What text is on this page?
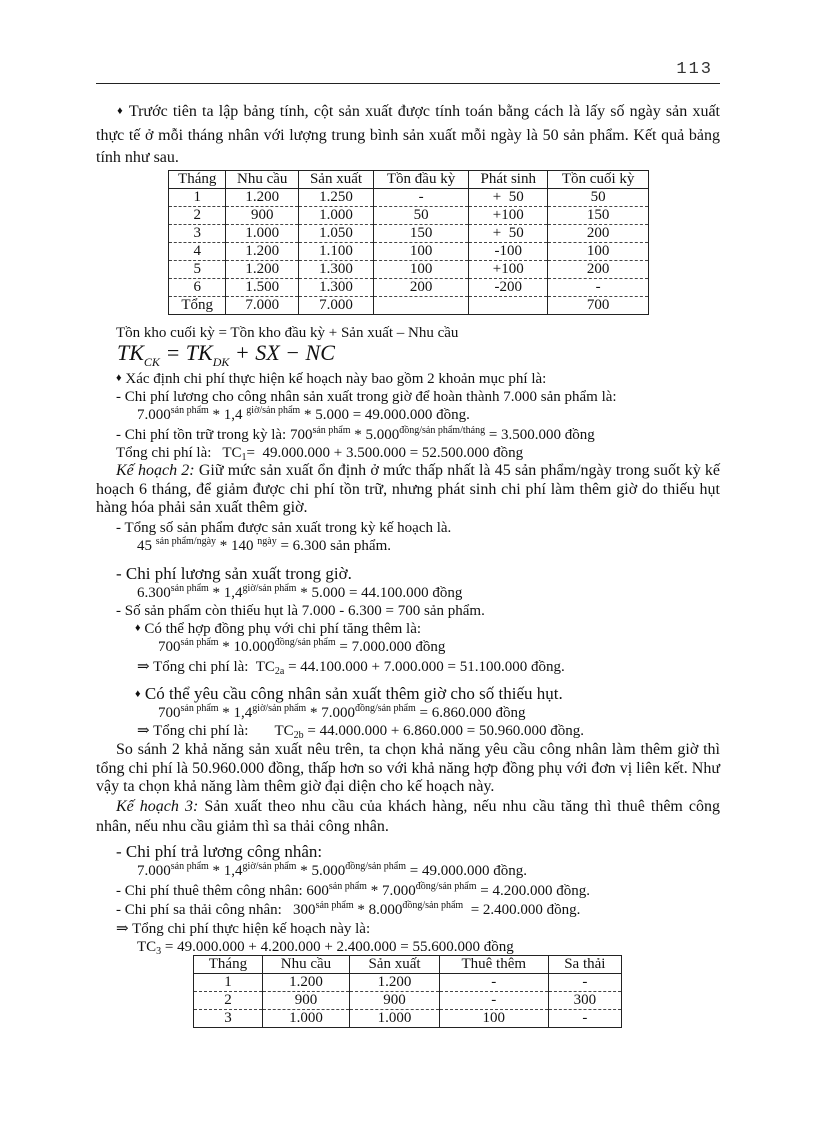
113
♦ Trước tiên ta lập bảng tính, cột sản xuất được tính toán bằng cách là lấy số ngày sản xuất thực tế ở mỗi tháng nhân với lượng trung bình sản xuất mỗi ngày là 50 sản phẩm. Kết quả bảng tính như sau.
Tháng	Nhu cầu	Sản xuất	Tồn đầu kỳ	Phát sinh	Tồn cuối kỳ
1	1.200	1.250	-	+  50	50
2	900	1.000	50	+100	150
3	1.000	1.050	150	+  50	200
4	1.200	1.100	100	-100	100
5	1.200	1.300	100	+100	200
6	1.500	1.300	200	-200	-
Tổng	7.000	7.000			700
Tồn kho cuối kỳ = Tồn kho đầu kỳ + Sản xuất – Nhu cầu
$TK_{CK} = TK_{DK}$ + SX − NC
♦ Xác định chi phí thực hiện kế hoạch này bao gồm 2 khoản mục phí là:
- Chi phí lương cho công nhân sản xuất trong giờ để hoàn thành 7.000 sản phẩm là:
$7.000^{sản phẩm} * 1,4$ $^{giờ/sản phẩm}$ * 5.000 = 49.000.000 đồng.
- Chi phí tồn trữ trong kỳ là: $700^{sản phẩm} * 5.000^{đồng/sản phẩm/tháng} = 3.500.000$ đồng
Tổng chi phí là:   $TC_1= 49.000.000 + 3.500.000 = 52.500.000$ đồng
Kế hoạch 2: Giữ mức sản xuất ổn định ở mức thấp nhất là 45 sản phẩm/ngày trong suốt kỳ kế hoạch 6 tháng, để giảm được chi phí tồn trữ, nhưng phát sinh chi phí làm thêm giờ do thiếu hụt hàng hóa phải sản xuất thêm giờ.
- Tổng số sản phẩm được sản xuất trong kỳ kế hoạch là.
45 $^{sản phẩm/ngày}$ * 140 $^{ngày}$ = 6.300 sản phẩm.
- Chi phí lương sản xuất trong giờ.
$6.300^{sản phẩm} * 1,4^{giờ/sản phẩm} * 5.000 = 44.100.000$ đồng
- Số sản phẩm còn thiếu hụt là 7.000 - 6.300 = 700 sản phẩm.
♦ Có thể hợp đồng phụ với chi phí tăng thêm là:
$700^{sản phẩm} * 10.000^{đồng/sản phẩm} = 7.000.000$ đồng
⇒ Tổng chi phí là:  $TC_{2a} = 44.100.000 + 7.000.000 = 51.100.000$ đồng.
♦ Có thể yêu cầu công nhân sản xuất thêm giờ cho số thiếu hụt.
$700^{sản phẩm} * 1,4^{giờ/sản phẩm} * 7.000^{đồng/sản phẩm} = 6.860.000$ đồng
⇒ Tổng chi phí là:       $TC_{2b} = 44.000.000 + 6.860.000 = 50.960.000$ đồng.
So sánh 2 khả năng sản xuất nêu trên, ta chọn khả năng yêu cầu công nhân làm thêm giờ thì tổng chi phí là 50.960.000 đồng, thấp hơn so với khả năng hợp đồng phụ với đơn vị liên kết. Như vậy ta chọn khả năng làm thêm giờ đại diện cho kế hoạch này.
Kế hoạch 3: Sản xuất theo nhu cầu của khách hàng, nếu nhu cầu tăng thì thuê thêm công nhân, nếu nhu cầu giảm thì sa thải công nhân.
- Chi phí trả lương công nhân:
$7.000^{sản phẩm} * 1,4^{giờ/sản phẩm} * 5.000^{đồng/sản phẩm} = 49.000.000$ đồng.
- Chi phí thuê thêm công nhân: $600^{sản phẩm} * 7.000^{đồng/sản phẩm} = 4.200.000$ đồng.
- Chi phí sa thải công nhân:   $300^{sản phẩm} * 8.000^{đồng/sản phẩm} = 2.400.000$ đồng.
⇒ Tổng chi phí thực hiện kế hoạch này là:
$TC_3 = 49.000.000 + 4.200.000 + 2.400.000 = 55.600.000$ đồng
Tháng	Nhu cầu	Sản xuất	Thuê thêm	Sa thải
1	1.200	1.200	-	-
2	900	900	-	300
3	1.000	1.000	100	-
